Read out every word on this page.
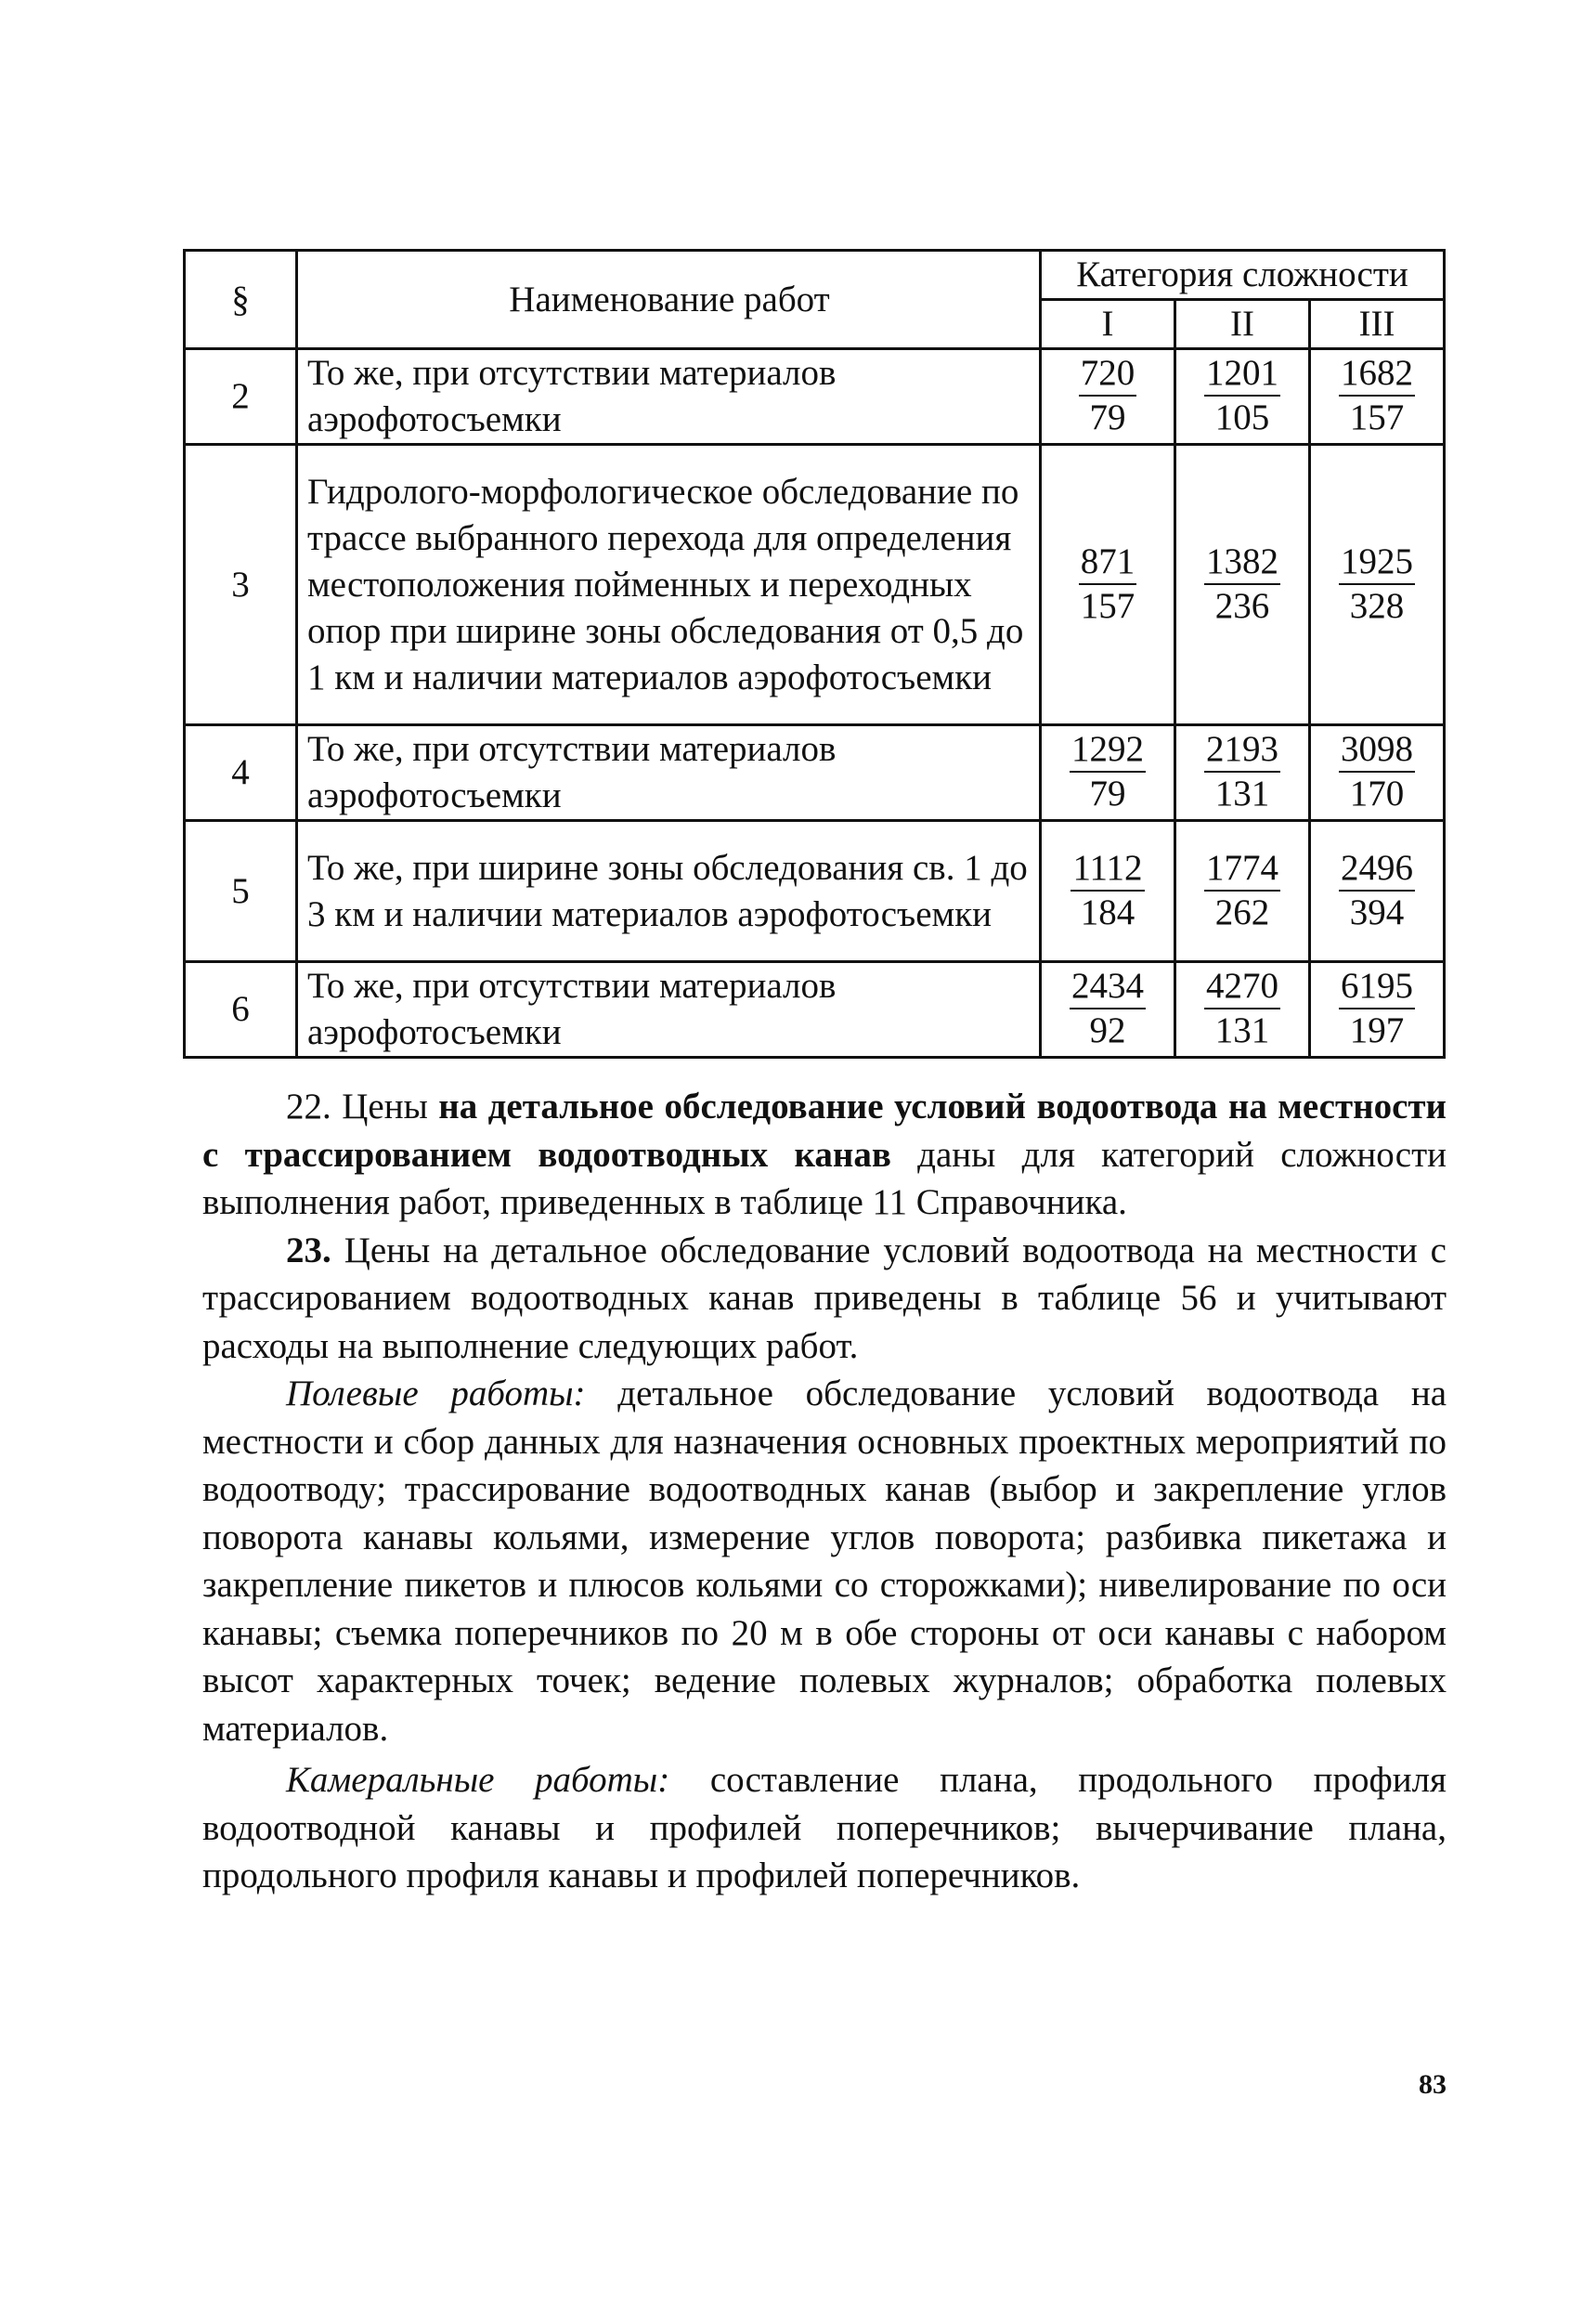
§	Наименование работ	Категория сложности		
		I	II	III
2	То же, при отсутствии материалов аэрофотосъемки	$\frac{720}{79}$	$\frac{1201}{105}$	$\frac{1682}{157}$

3	Гидролого-морфологическое обследование по трассе выбранного перехода для определения местоположения пойменных и переходных опор при ширине зоны обследования от 0,5 до 1 км и наличии материалов аэрофотосъемки	$\frac{871}{157}$	$\frac{1382}{236}$	$\frac{1925}{328}$

4	То же, при отсутствии материалов аэрофотосъемки	$\frac{1292}{79}$	$\frac{2193}{131}$	$\frac{3098}{170}$

5	То же, при ширине зоны обследования св. 1 до 3 км и наличии материалов аэрофотосъемки	$\frac{1112}{184}$	$\frac{1774}{262}$	$\frac{2496}{394}$

6	То же, при отсутствии материалов аэрофотосъемки	$\frac{2434}{92}$	$\frac{4270}{131}$	$\frac{6195}{197}$

22. Цены на детальное обследование условий водоотвода на местности с трассированием водоотводных канав даны для категорий сложности выполнения работ, приведенных в таблице 11 Справочника.

23. Цены на детальное обследование условий водоотвода на местности с трассированием водоотводных канав приведены в таблице 56 и учитывают расходы на выполнение следующих работ.

Полевые работы: детальное обследование условий водоотвода на местности и сбор данных для назначения основных проектных мероприятий по водоотводу; трассирование водоотводных канав (выбор и закрепление углов поворота канавы кольями, измерение углов поворота; разбивка пикетажа и закрепление пикетов и плюсов кольями со сторожками); нивелирование по оси канавы; съемка поперечников по 20 м в обе стороны от оси канавы с набором высот характерных точек; ведение полевых журналов; обработка полевых материалов.

Камеральные работы: составление плана, продольного профиля водоотводной канавы и профилей поперечников; вычерчивание плана, продольного профиля канавы и профилей поперечников.

83
